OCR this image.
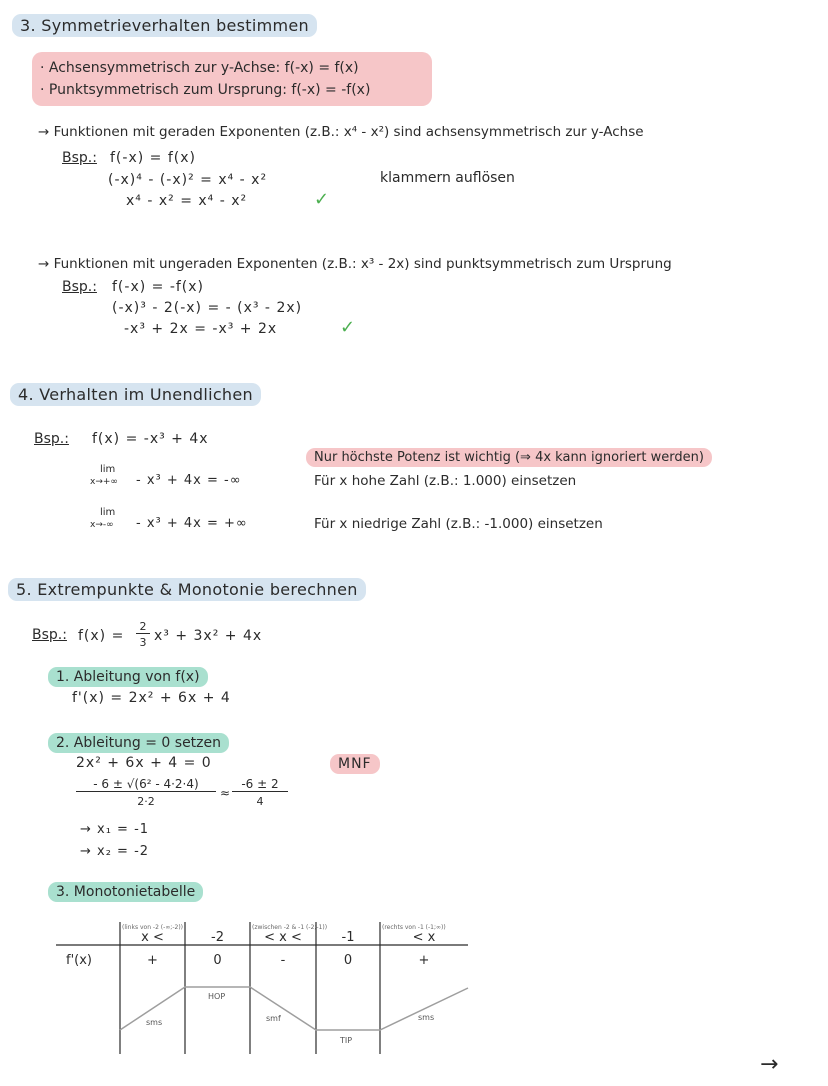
3. Symmetrieverhalten bestimmen
· Achsensymmetrisch zur y-Achse: f(-x) = f(x)
· Punktsymmetrisch zum Ursprung: f(-x) = -f(x)
→ Funktionen mit geraden Exponenten (z.B.: x⁴ - x²) sind achsensymmetrisch zur y-Achse
Bsp.: f(-x) = f(x)
(-x)⁴ - (-x)² = x⁴ - x²
x⁴ - x² = x⁴ - x²	✓
klammern auflösen
→ Funktionen mit ungeraden Exponenten (z.B.: x³ - 2x) sind punktsymmetrisch zum Ursprung
Bsp.: f(-x) = -f(x)
(-x)³ - 2(-x) = - (x³ - 2x)
-x³ + 2x = -x³ + 2x	✓
4. Verhalten im Unendlichen
Bsp.: f(x) = -x³ + 4x
Nur höchste Potenz ist wichtig (⇒ 4x kann ignoriert werden)
lim
x→+∞ - x³ + 4x = -∞	Für x hohe Zahl (z.B.: 1.000) einsetzen
lim
x→-∞ - x³ + 4x = +∞	Für x niedrige Zahl (z.B.: -1.000) einsetzen
5. Extrempunkte & Monotonie berechnen
Bsp.: f(x) =
2
3 x³ + 3x² + 4x
1. Ableitung von f(x)
f'(x) = 2x² + 6x + 4
2. Ableitung = 0 setzen
2x² + 6x + 4 = 0	MNF
- 6 ± √(6² - 4·2·4)
2·2
≈
-6 ± 2
4
→ x₁ = -1
→ x₂ = -2
3. Monotonietabelle
(links von -2 (-∞;-2))	(zwischen -2 & -1 (-2;-1))	(rechts von -1 (-1;∞))
x <	-2	< x <	-1	< x
f'(x)	+	0	-	0	+
sms
HOP
smf
TIP
sms
→
